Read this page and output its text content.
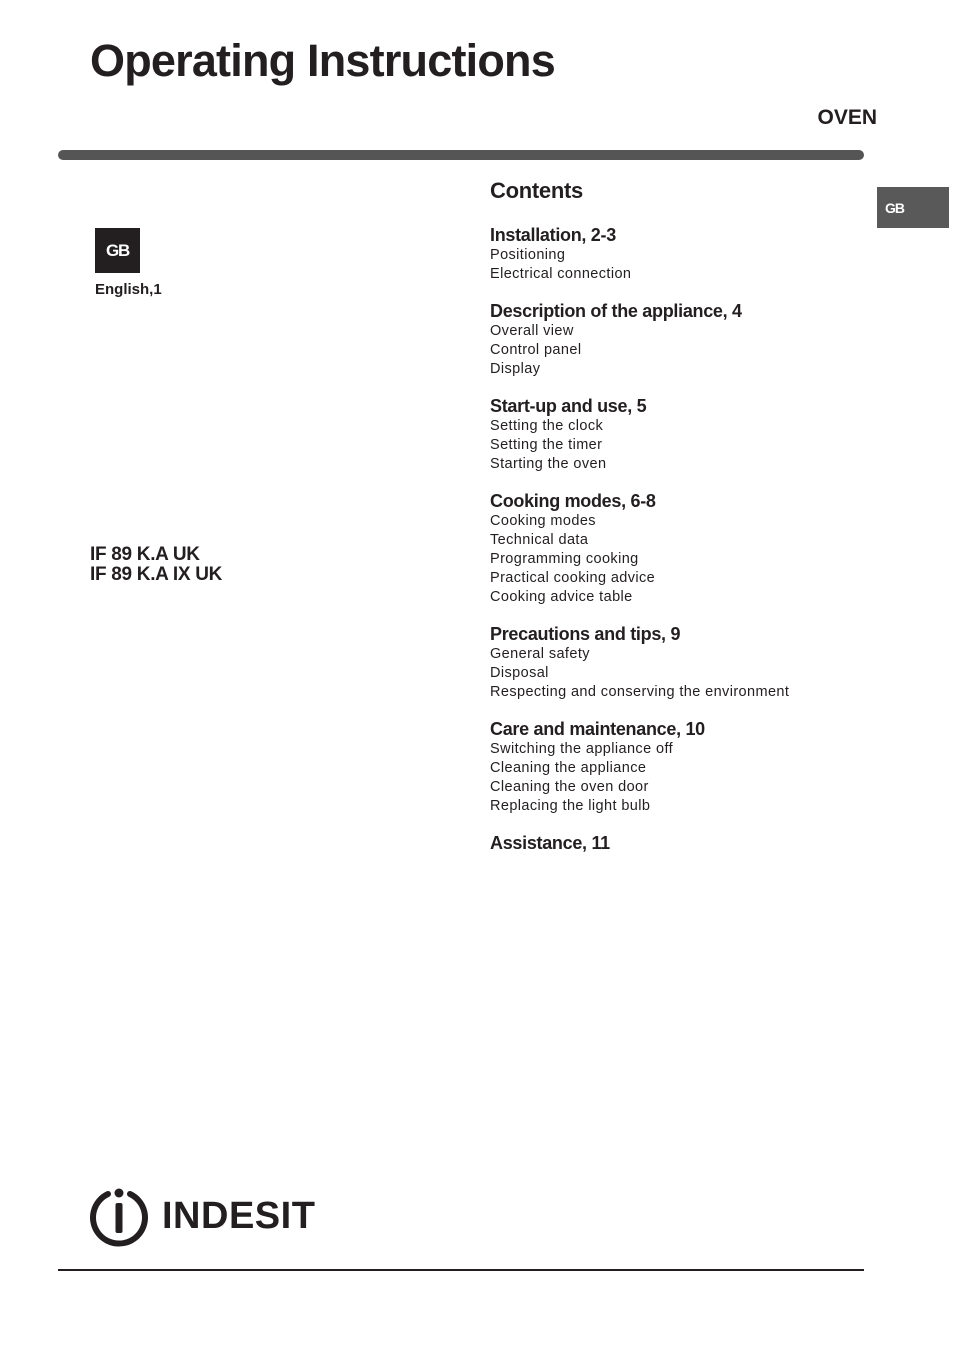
Operating Instructions
OVEN
GB
GB
English,1
IF 89 K.A UK
IF 89 K.A IX UK
Contents
Installation, 2-3
Positioning
Electrical connection
Description of the appliance, 4
Overall view
Control panel
Display
Start-up and use, 5
Setting the clock
Setting the timer
Starting the oven
Cooking modes, 6-8
Cooking modes
Technical data
Programming cooking
Practical cooking advice
Cooking advice table
Precautions and tips, 9
General safety
Disposal
Respecting and conserving the environment
Care and maintenance, 10
Switching the appliance off
Cleaning the appliance
Cleaning the oven door
Replacing the light bulb
Assistance, 11
INDESIT
